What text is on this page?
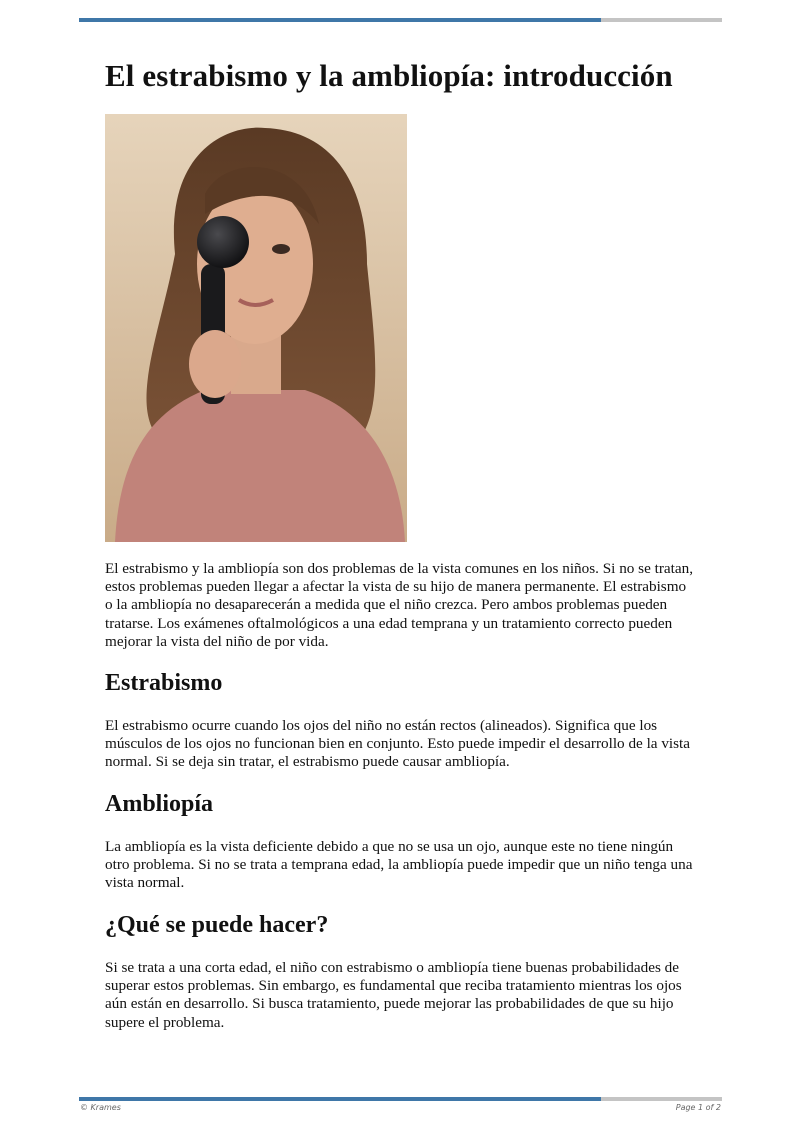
El estrabismo y la ambliopía: introducción

El estrabismo y la ambliopía son dos problemas de la vista comunes en los niños. Si no se tratan, estos problemas pueden llegar a afectar la vista de su hijo de manera permanente. El estrabismo o la ambliopía no desaparecerán a medida que el niño crezca. Pero ambos problemas pueden tratarse. Los exámenes oftalmológicos a una edad temprana y un tratamiento correcto pueden mejorar la vista del niño de por vida.

Estrabismo

El estrabismo ocurre cuando los ojos del niño no están rectos (alineados). Significa que los músculos de los ojos no funcionan bien en conjunto. Esto puede impedir el desarrollo de la vista normal. Si se deja sin tratar, el estrabismo puede causar ambliopía.

Ambliopía

La ambliopía es la vista deficiente debido a que no se usa un ojo, aunque este no tiene ningún otro problema. Si no se trata a temprana edad, la ambliopía puede impedir que un niño tenga una vista normal.

¿Qué se puede hacer?

Si se trata a una corta edad, el niño con estrabismo o ambliopía tiene buenas probabilidades de superar estos problemas. Sin embargo, es fundamental que reciba tratamiento mientras los ojos aún están en desarrollo. Si busca tratamiento, puede mejorar las probabilidades de que su hijo supere el problema.

© Krames	Page 1 of 2
